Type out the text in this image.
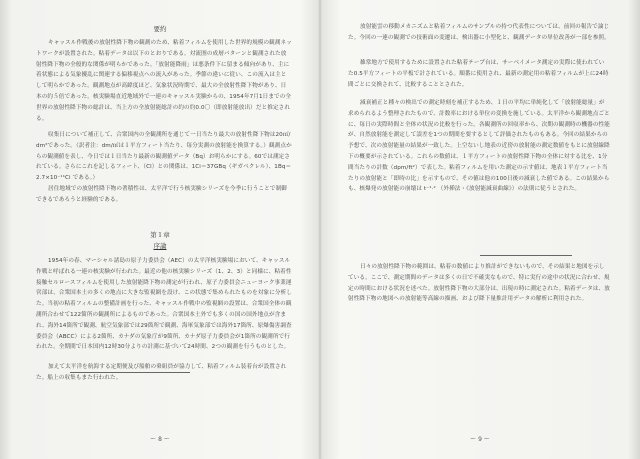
要約
キャッスル作戦後の放射性降下物の観測のため、粘着フィルムを使用した世界的規模の観測ネットワークが設置された。粘着データは以下のとおりである。対流圏の成層パターンと観測された放射性降下物の全般的な関係が明らかであった。「放射能降雨」は悪条件下に留まる傾向があり、主に着状態による気象擾乱に関連する偏移視点への流入があった。季節の違いに従い、この流入は主として明らかであった。観測地点が高緯度ほど、気象状況時期で、最大の全放射性降下物があり、日本の約５倍であった。核実験場直近地域外で一連のキャッスル実験からの、1954年7月1日までの全世界の放射性降下物の総計は、当上方の全放射能総計の約の約0.0〇（即放射能放出）だと推定される。
収集日について補正して、合衆国内の全観測所を通じて一日当たり最大の放射性降下物は20㎡/dm²であった。（訳者注：dm/㎡は１平方フィート当たり、毎分実測の放射能を換算する。）観測点からの観測値を表し、今日では１日当たり最新の観測値データ（Bq）お明らかにする。60では測定されている。さらにこれを記しるフィート、（Cl）との関係は、1Ci＝37GBq（ギガベクレル）、1Bq＝2.7×10⁻¹¹Ci である。）
居住地域での放射性降下物の著積性は、太平洋で行う核実験シリーズを今季に行うことで制御できるであろうと経験的である。
第１章
序論
1954年の春、マーシャル諸島の原子力委員会（AEC）の太平洋核実験場において、キャッスル作戦と呼ばれる一連の核実験が行われた。最近の他の核実験シリーズ（1、2、3）と同様に、粘着性接触セルロースフィルムを使用した放射能降下物の測定が行われ、原子力委員会ニューヨーク事業運営部は、合衆国本土の多くの地点に大きな監視網を設け、この状態で集められたものを対象に分析した。当初の粘着フィルムの整備計画を行った、キャッスル作戦中の監視網の設置は、合衆国全体の観測所合わせて122箇所の観測所によるものであった。合衆国本土外でも多くの国の国外地点が含まれ、海外14箇所で観測、航空気象部では29箇所で観測、海軍気象部では海外17箇所、原爆傷害調査委員会（ABCC）による2箇所、カナダの気象庁が9箇所、カナダ原子力委員会が1箇所の観測所で行われた。全期間で日本国内12時30分よりの計測に基づいて24時間、2つの観測を行うものとした。
加えて太平洋を航海する定期便及び船舶の乗組員が協力して、粘着フィルム装着台が設置された。船上の収集もまた行われた。
ー 8 ー
放射能雲の移動メカニズムと粘着フィルムのサンプルの持つ代表性については、前回の報告で論じた。今回の一連の観測での技術面の変遷は、検出器に小型化と、観測データの単位改善が一部を参照。
雑常地方で使用するために設置された粘着テープ台は、サーベイメータ測定の実際に使われていた0.5平方フィートの平板で計されている。順番に使用され、最新の測定用の粘着フィルムが上に24時間ごとに交換されて、比較することとされた。
減衰補正と種々の検出での測定時刻を補正するため、１日の平均に単純化して「放射能総量」が求められるよう整理されたもので、計数率における単位の変換を施している。太平洋から観測地点ごとに、毎日の実際時間と全体の状況の比較を行った。各観測所の回収率から、次期の観測時の機器の性能が、自然放射能を測定して誤差を1つの期間を要するとして評価されたものもある。今回の結果からの予想で、次の放射能量の結果が一致した。上空ないし地表の近傍の放射能の測定数値をもとに放射線降下の概要が示されている。これらの数値は、１平方フィートの放射性降下物の全体に対する比を、1分間当たりの計数（dpm/ft²）で表した。粘着フィルムを用いた測定の示す値は、地表１平方フィート当たりの放射能と「即時の比」を示すもので、その値は他の100日後の減衰した値である。この結果からも、核爆発の放射能の崩壊は t⁻¹·² （外挿法・《放射能減衰曲線》）の法則に従うとされた。
日々の放射性降下物の範囲は、粘着の数値により推計ができないもので、その結果と地図を示している。ここで、測定期間のデータは多くの日で不確実なもので、特に実行の途中の状況に合わせ、規定の時間における状況を述べた。放射性降下物の大部分は、出現の時に測定された。粘着データは、放射性降下物の地図への放射能等高線の描画、および降下量推計用データの解析に利用された。
ー 9 ー
